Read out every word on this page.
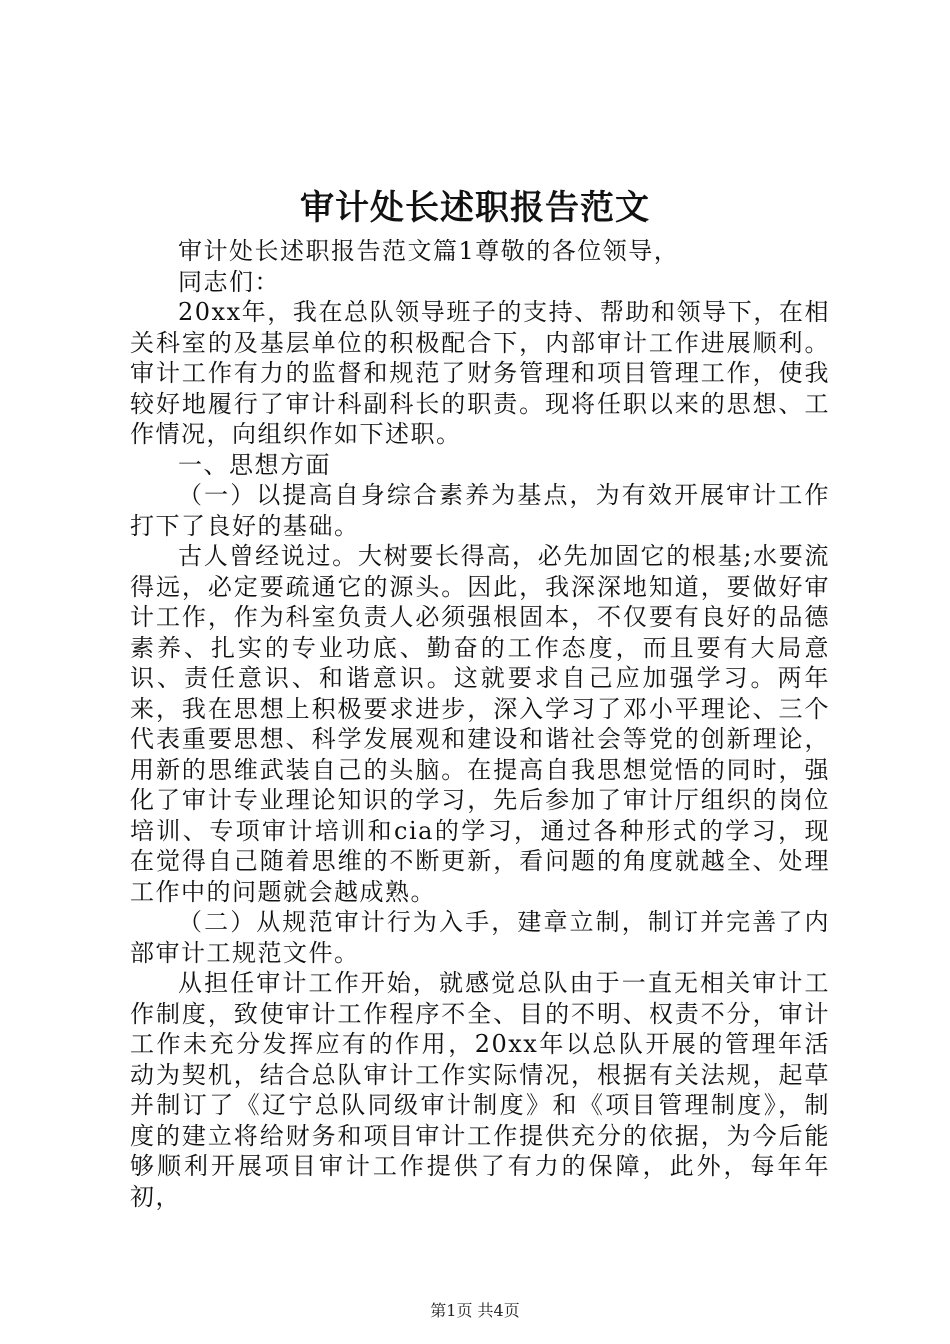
审计处长述职报告范文

审计处长述职报告范文篇1尊敬的各位领导，

同志们：

20xx年，我在总队领导班子的支持、帮助和领导下，在相关科室的及基层单位的积极配合下，内部审计工作进展顺利。审计工作有力的监督和规范了财务管理和项目管理工作，使我较好地履行了审计科副科长的职责。现将任职以来的思想、工作情况，向组织作如下述职。

一、思想方面

（一）以提高自身综合素养为基点，为有效开展审计工作打下了良好的基础。

古人曾经说过。大树要长得高，必先加固它的根基;水要流得远，必定要疏通它的源头。因此，我深深地知道，要做好审计工作，作为科室负责人必须强根固本，不仅要有良好的品德素养、扎实的专业功底、勤奋的工作态度，而且要有大局意识、责任意识、和谐意识。这就要求自己应加强学习。两年来，我在思想上积极要求进步，深入学习了邓小平理论、三个代表重要思想、科学发展观和建设和谐社会等党的创新理论，用新的思维武装自己的头脑。在提高自我思想觉悟的同时，强化了审计专业理论知识的学习，先后参加了审计厅组织的岗位培训、专项审计培训和cia的学习，通过各种形式的学习，现在觉得自己随着思维的不断更新，看问题的角度就越全、处理工作中的问题就会越成熟。

（二）从规范审计行为入手，建章立制，制订并完善了内部审计工规范文件。

从担任审计工作开始，就感觉总队由于一直无相关审计工作制度，致使审计工作程序不全、目的不明、权责不分，审计工作未充分发挥应有的作用，20xx年以总队开展的管理年活动为契机，结合总队审计工作实际情况，根据有关法规，起草并制订了《辽宁总队同级审计制度》和《项目管理制度》，制度的建立将给财务和项目审计工作提供充分的依据，为今后能够顺利开展项目审计工作提供了有力的保障，此外，每年年初，

第1页 共4页
